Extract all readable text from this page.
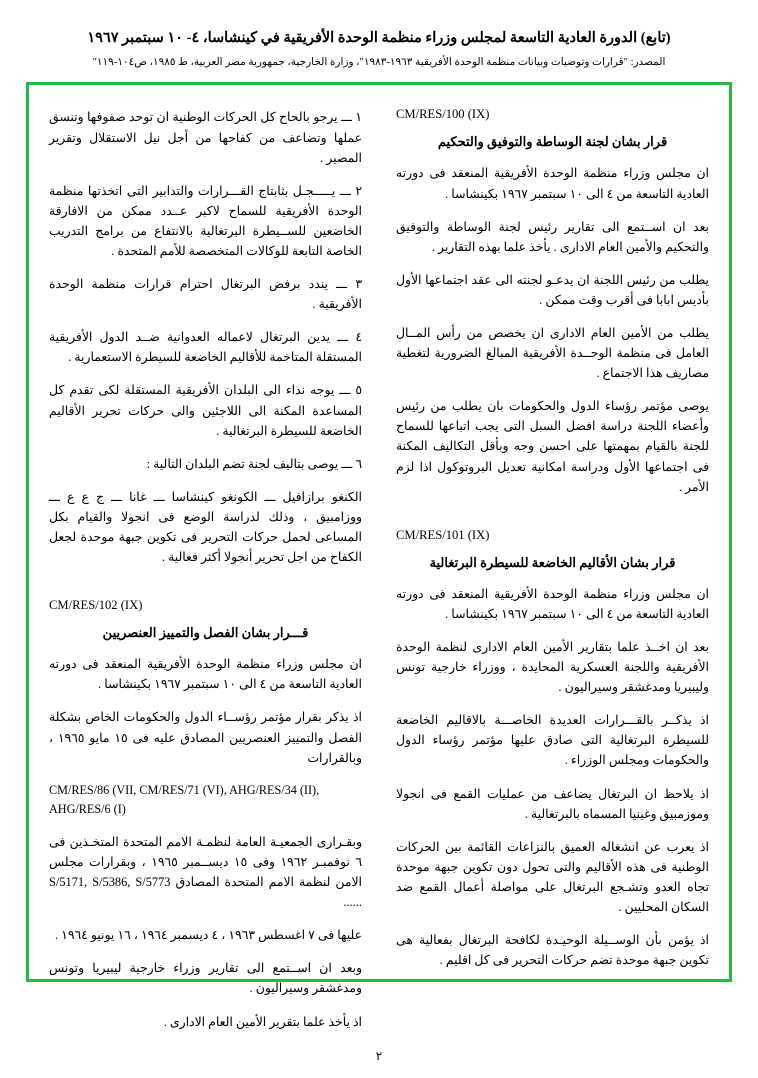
(تابع) الدورة العادية التاسعة لمجلس وزراء منظمة الوحدة الأفريقية في كينشاسا، ٤- ١٠ سبتمبر ١٩٦٧
المصدر: "قرارات وتوصيات وبيانات منظمة الوحدة الأفريقية ١٩٦٣-١٩٨٣"، وزارة الخارجية، جمهورية مصر العربية، ط ١٩٨٥، ص١٠٤-١١٩"

١ ـــ يرجو بالحاح كل الحركات الوطنية ان توحد صفوفها وتنسق عملها وتضاعف من كفاحها من أجل نيل الاستقلال وتقرير المصير .

٢ ـــ يـــــجـل بثابتاج القـــرارات والتدابير التى اتخذتها منظمة الوحدة الأفريقية للسماح لاكبر عــدد ممكن من الافارقة الخاضعين للســيطرة البرتغالية بالانتفاع من برامج التدريب الخاصة التابعة للوكالات المتخصصة للأمم المتحدة .

٣ ـــ يندد برفض البرتغال احترام قرارات منظمة الوحدة الأفريقية .

٤ ـــ يدين البرتغال لاعماله العدوانية ضــد الدول الأفريقية المستقلة المتاخمة للأقاليم الخاضعة للسيطرة الاستعمارية .

٥ ـــ يوجه نداء الى البلدان الأفريقية المستقلة لكى تقدم كل المساعدة المكنة الى اللاجئين والى حركات تحرير الأقاليم الخاضعة للسيطرة البرتغالية .

٦ ـــ يوصى بتاليف لجنة تضم البلدان التالية :

الكنغو برازافيل ـــ الكونغو كينشاسا ـــ غانا ـــ ج ع ع ـــ ووزامبيق ، وذلك لدراسة الوضع فى انجولا والقيام بكل المساعى لحمل حركات التحرير فى تكوين جبهة موحدة لجعل الكفاح من اجل تحرير أنجولا أكثر فعالية .

CM/RES/102 (IX)
قـــرار بشان الفصل والتمييز العنصريين

ان مجلس وزراء منظمة الوحدة الأفريقية المنعقد فى دورته العادية التاسعة من ٤ الى ١٠ سبتمبر ١٩٦٧ بكينشاسا .

اذ يذكر بقرار مؤتمر رؤســاء الدول والحكومات الخاص بشكلة الفصل والتمييز العنصريين المصادق عليه فى ١٥ مايو ١٩٦٥ ، وبالقرارات

CM/RES/86 (VII, CM/RES/71 (VI), AHG/RES/34 (II), AHG/RES/6 (I)

وبقـرارى الجمعيـة العامة لنظمـة الامم المتحدة المتخـذين فى ٦ نوفمبـر ١٩٦٢ وفى ١٥ ديســمبر ١٩٦٥ ، وبقرارات مجلس الامن لنظمة الامم المتحدة المصادق S/5171, S/5386, S/5773 ......

عليها فى ٧ اغسطس ١٩٦٣ ، ٤ ديسمبر ١٩٦٤ ، ١٦ يونيو ١٩٦٤ .

وبعد ان اســتمع الى تقارير وزراء خارجية ليبيريا وتونس ومدغشقر وسيراليون .

اذ يأخذ علما بتقرير الأمين العام الادارى .

CM/RES/100 (IX)
قرار بشان لجنة الوساطة والتوفيق والتحكيم

ان مجلس وزراء منظمة الوحدة الأفريقية المنعقد فى دورته العادية التاسعة من ٤ الى ١٠ سبتمبر ١٩٦٧ بكينشاسا .

بعد ان اســتمع الى تقارير رئيس لجنة الوساطة والتوفيق والتحكيم والأمين العام الادارى . يأخذ علما بهذه التقارير .

يطلب من رئيس اللجنة ان يدعـو لجنته الى عقد اجتماعها الأول بأديس ابابا فى أقرب وقت ممكن .

يطلب من الأمين العام الادارى ان يخصص من رأس المــال العامل فى منظمة الوحــدة الأفريقية المبالغ الضرورية لتغطية مصاريف هذا الاجتماع .

يوصى مؤتمر رؤساء الدول والحكومات بان يطلب من رئيس وأعضاء اللجنة دراسة افضل السبل التى يجب اتباعها للسماح للجنة بالقيام بمهمتها على احسن وجه وبأقل التكاليف المكنة فى اجتماعها الأول ودراسة امكانية تعديل البروتوكول اذا لزم الأمر .

CM/RES/101 (IX)
قرار بشان الأقاليم الخاضعة للسيطرة البرتغالية

ان مجلس وزراء منظمة الوحدة الأفريقية المنعقد فى دورته العادية التاسعة من ٤ الى ١٠ سبتمبر ١٩٦٧ بكينشاسا .

بعد ان اخــذ علما بتقارير الأمين العام الادارى لنظمة الوحدة الأفريقية واللجنة العسكرية المحايدة ، ووزراء خارجية تونس وليبيريا ومدغشقر وسيراليون .

اذ يذكــر بالقـــرارات العديدة الخاصـــة بالاقاليم الخاضعة للسيطرة البرتغالية التى صادق عليها مؤتمر رؤساء الدول والحكومات ومجلس الوزراء .

اذ يلاحظ ان البرتغال يضاعف من عمليات القمع فى انجولا وموزمبيق وغينيا المسماه بالبرتغالية .

اذ يعرب عن انشغاله العميق بالنزاعات القائمة بين الحركات الوطنية فى هذه الأقاليم والتى تحول دون تكوين جبهة موحدة تجاه العدو وتشـجع البرتغال على مواصلة أعمال القمع ضد السكان المحليين .

اذ يؤمن بأن الوســيلة الوحيـدة لكافحة البرتغال بفعالية هى تكوين جبهة موحدة تضم حركات التحرير فى كل اقليم .

٢
